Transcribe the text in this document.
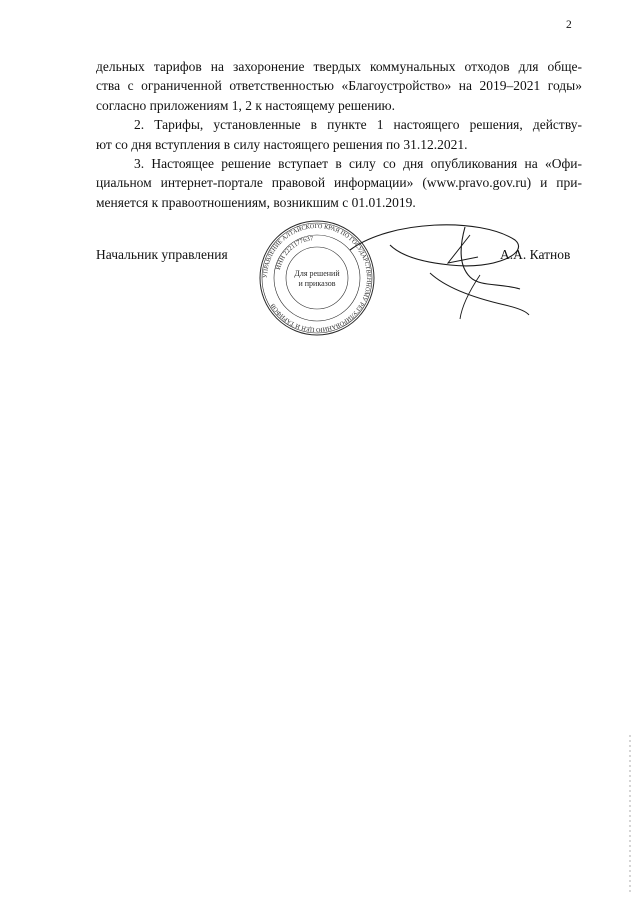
2
дельных тарифов на захоронение твердых коммунальных отходов для обще-
ства с ограниченной ответственностью «Благоустройство» на 2019–2021 годы»
согласно приложениям 1, 2 к настоящему решению.
2. Тарифы, установленные в пункте 1 настоящего решения, действу-
ют со дня вступления в силу настоящего решения по 31.12.2021.
3. Настоящее решение вступает в силу со дня опубликования на «Офи-
циальном интернет-портале правовой информации» (www.pravo.gov.ru) и при-
меняется к правоотношениям, возникшим с 01.01.2019.
Начальник управления
УПРАВЛЕНИЕ АЛТАЙСКОГО КРАЯ ПО ГОСУДАРСТВЕННОМУ РЕГУЛИРОВАНИЮ ЦЕН И ТАРИФОВ
ИНН 2221177637
Для решений
и приказов
А.А. Катнов
